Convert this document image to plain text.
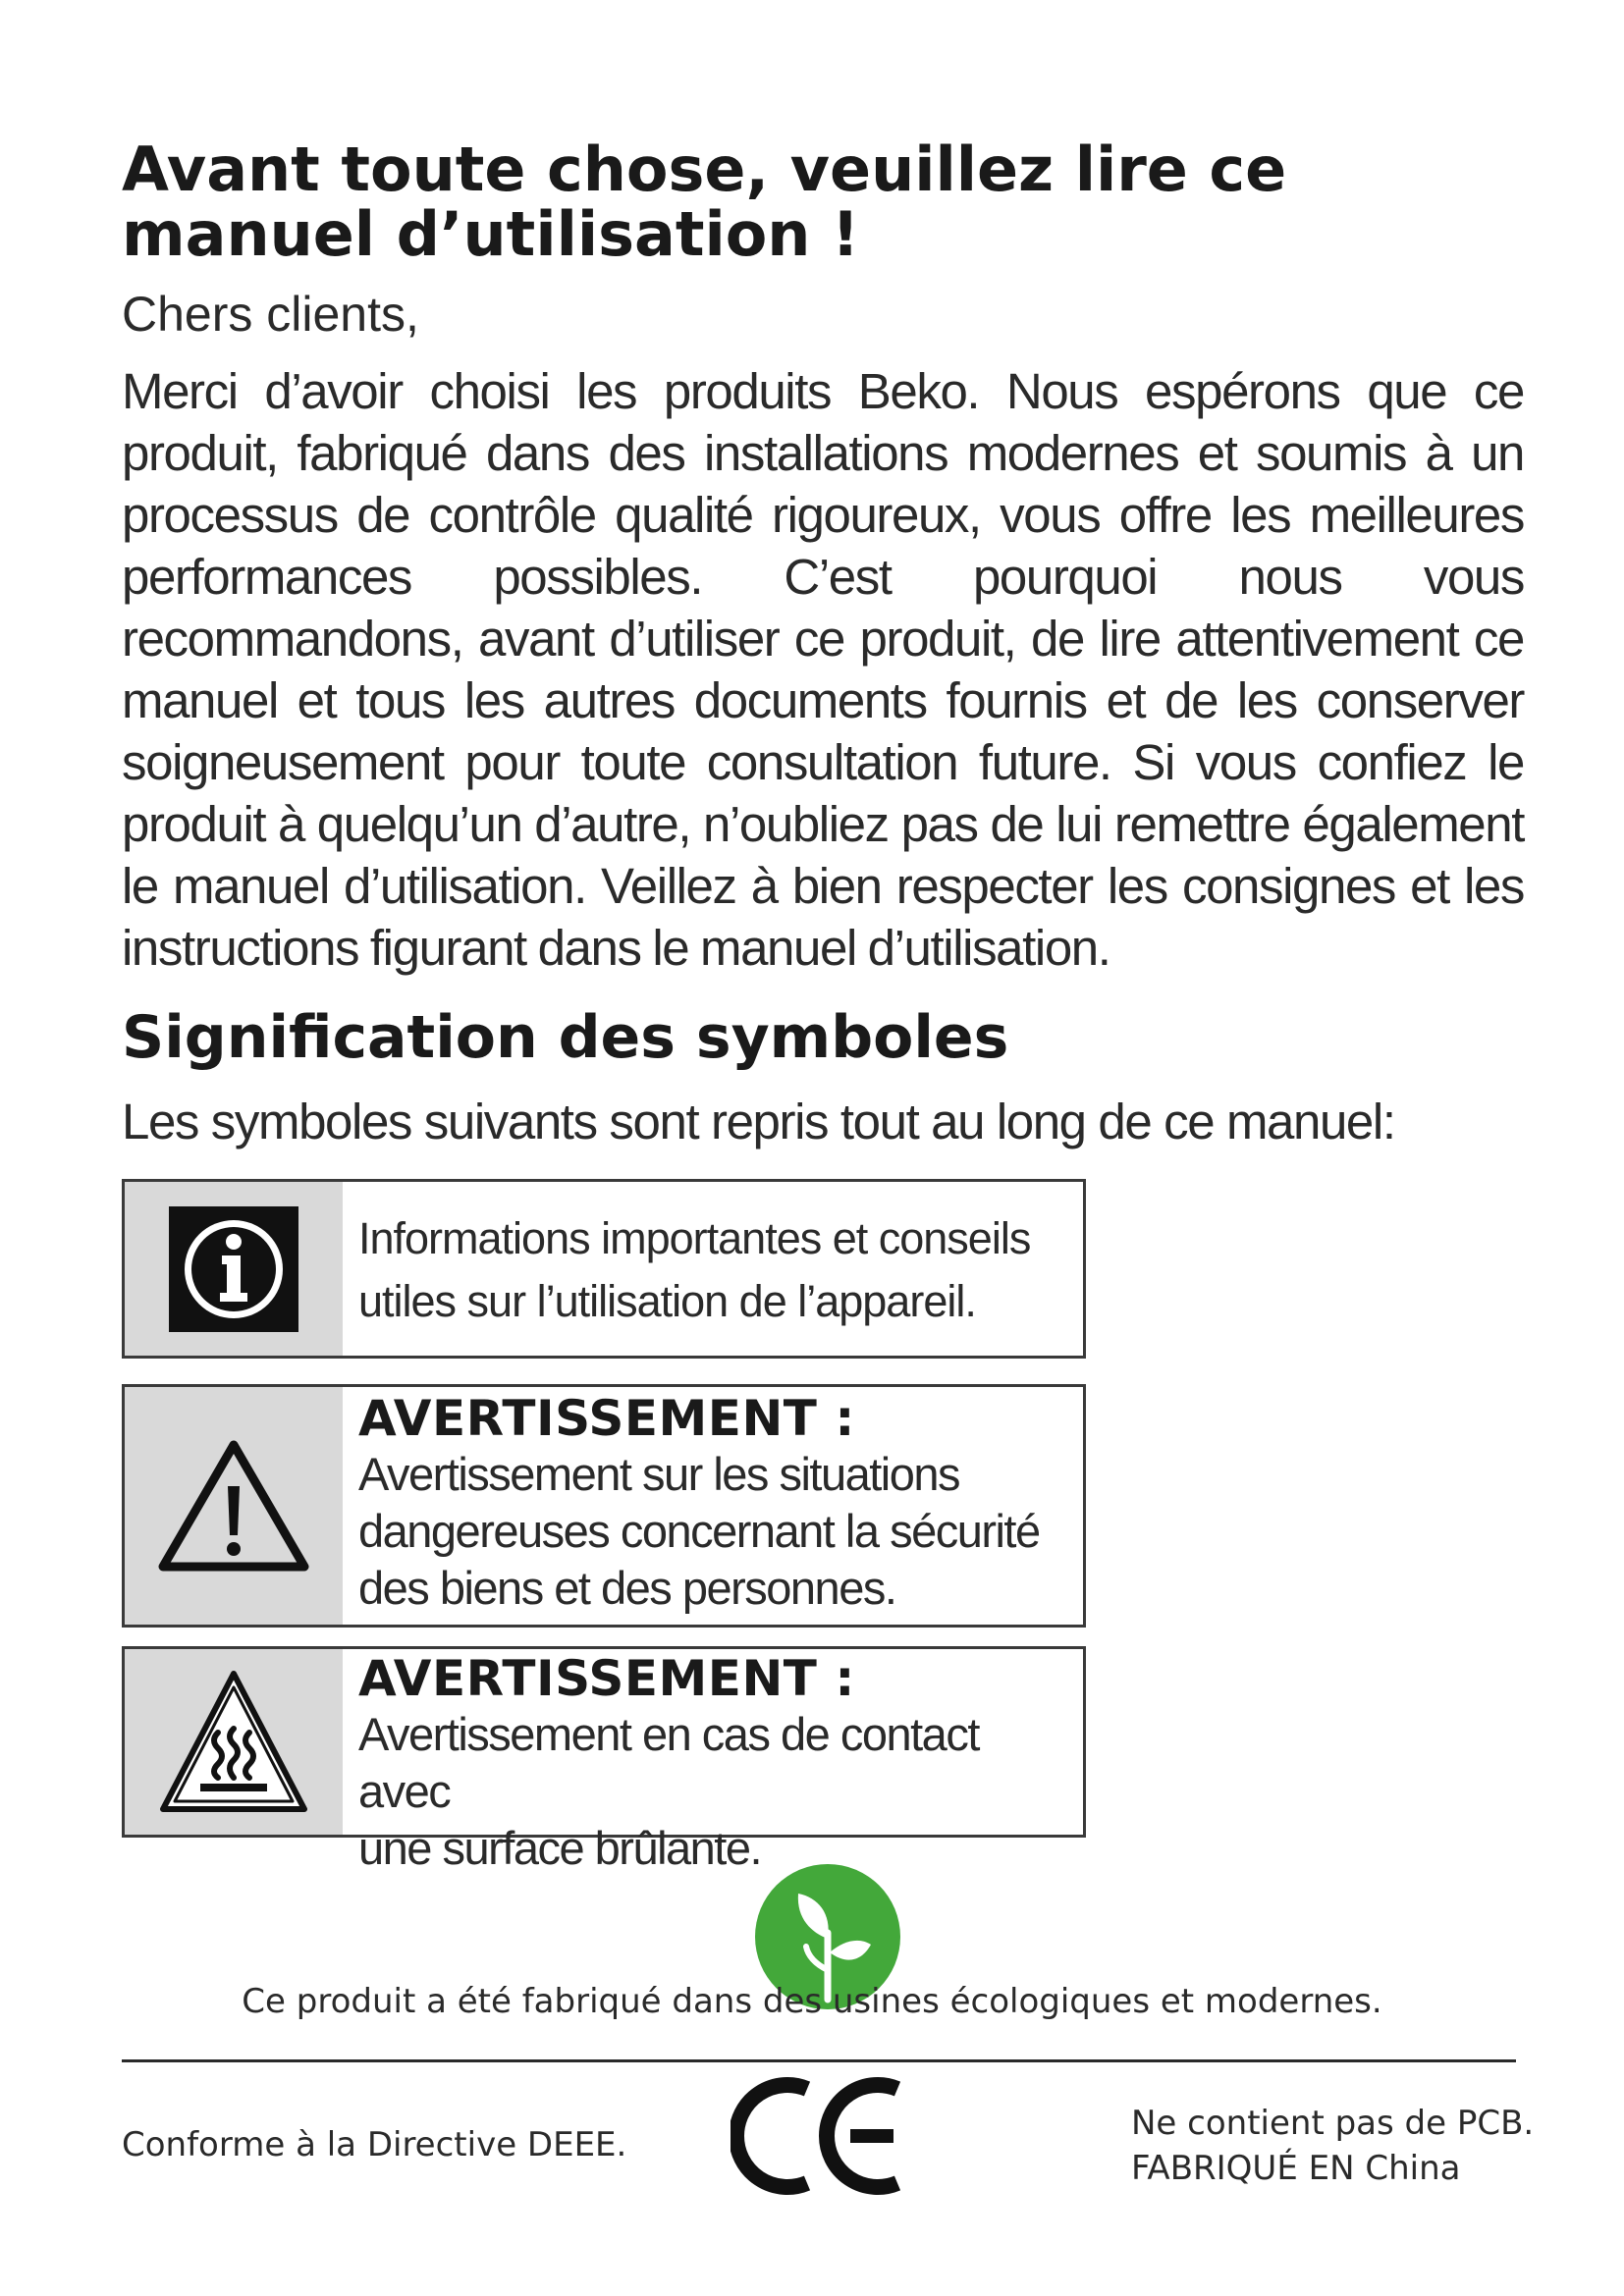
Avant toute chose, veuillez lire ce manuel d’utilisation !

Chers clients,

Merci d’avoir choisi les produits Beko. Nous espérons que ce produit, fabriqué dans des installations modernes et soumis à un processus de contrôle qualité rigoureux, vous offre les meilleures performances possibles. C’est pourquoi nous vous recommandons, avant d’utiliser ce produit, de lire attentivement ce manuel et tous les autres documents fournis et de les conserver soigneusement pour toute consultation future. Si vous confiez le produit à quelqu’un d’autre, n’oubliez pas de lui remettre également le manuel d’utilisation. Veillez à bien respecter les consignes et les instructions figurant dans le manuel d’utilisation.

Signification des symboles

Les symboles suivants sont repris tout au long de ce manuel:

Informations importantes et conseils

utiles sur l’utilisation de l’appareil.

AVERTISSEMENT :

Avertissement sur les situations

dangereuses concernant la sécurité

des biens et des personnes.

AVERTISSEMENT :

Avertissement en cas de contact avec

une surface brûlante.

Ce produit a été fabriqué dans des usines écologiques et modernes.

Conforme à la Directive DEEE.

Ne contient pas de PCB.

FABRIQUÉ EN China
